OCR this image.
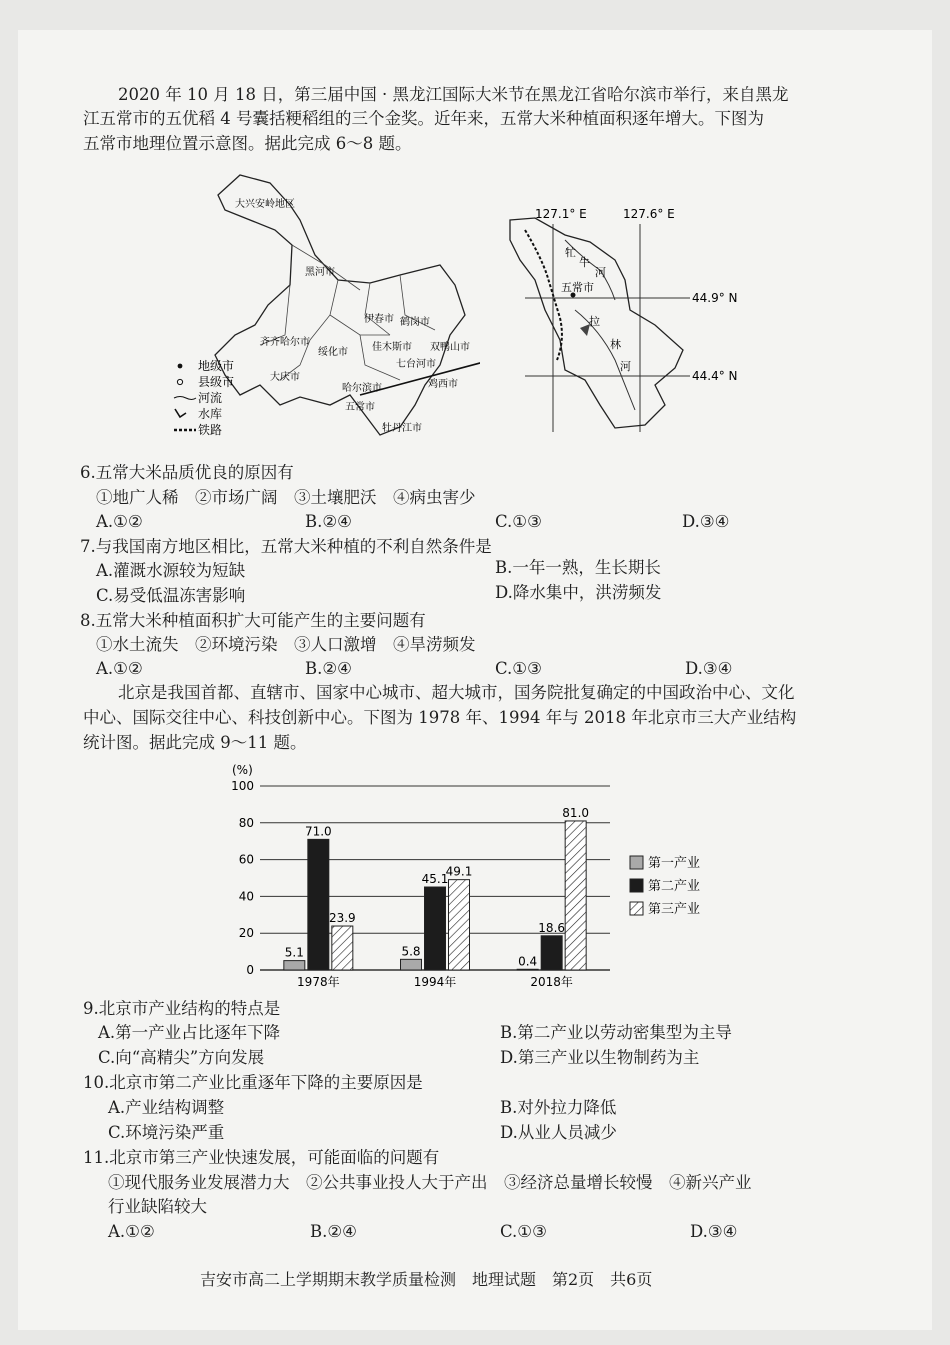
2020 年 10 月 18 日，第三届中国 · 黑龙江国际大米节在黑龙江省哈尔滨市举行，来自黑龙
江五常市的五优稻 4 号囊括粳稻组的三个金奖。近年来，五常大米种植面积逐年增大。下图为
五常市地理位置示意图。据此完成 6～8 题。
大兴安岭地区
黑河市
伊春市 鹤岗市
齐齐哈尔市
绥化市 佳木斯市 双鸭山市
七台河市
大庆市
哈尔滨市	鸡西市
五常市
牡丹江市
地级市
县级市
河流
水库
铁路
127.1° E	127.6° E
44.9° N
44.4° N
五常市
牤
牛
河
拉
林
河
6.五常大米品质优良的原因有
①地广人稀　②市场广阔　③土壤肥沃　④病虫害少
A.①②	B.②④	C.①③	D.③④
7.与我国南方地区相比，五常大米种植的不利自然条件是
A.灌溉水源较为短缺	B.一年一熟，生长期长
C.易受低温冻害影响	D.降水集中，洪涝频发
8.五常大米种植面积扩大可能产生的主要问题有
①水土流失　②环境污染　③人口激增　④旱涝频发
A.①②	B.②④	C.①③	D.③④
北京是我国首都、直辖市、国家中心城市、超大城市，国务院批复确定的中国政治中心、文化
中心、国际交往中心、科技创新中心。下图为 1978 年、1994 年与 2018 年北京市三大产业结构
统计图。据此完成 9～11 题。
(%)
0
20
40
60
80
100
5.1
71.0
23.9
1978年
5.8
45.1
49.1
1994年
0.4
18.6
81.0
2018年
第一产业
第二产业
第三产业
9.北京市产业结构的特点是
A.第一产业占比逐年下降	B.第二产业以劳动密集型为主导
C.向“高精尖”方向发展	D.第三产业以生物制药为主
10.北京市第二产业比重逐年下降的主要原因是
A.产业结构调整	B.对外拉力降低
C.环境污染严重	D.从业人员减少
11.北京市第三产业快速发展，可能面临的问题有
①现代服务业发展潜力大　②公共事业投人大于产出　③经济总量增长较慢　④新兴产业
行业缺陷较大
A.①②	B.②④	C.①③	D.③④
吉安市高二上学期期末教学质量检测　地理试题　第2页　共6页
